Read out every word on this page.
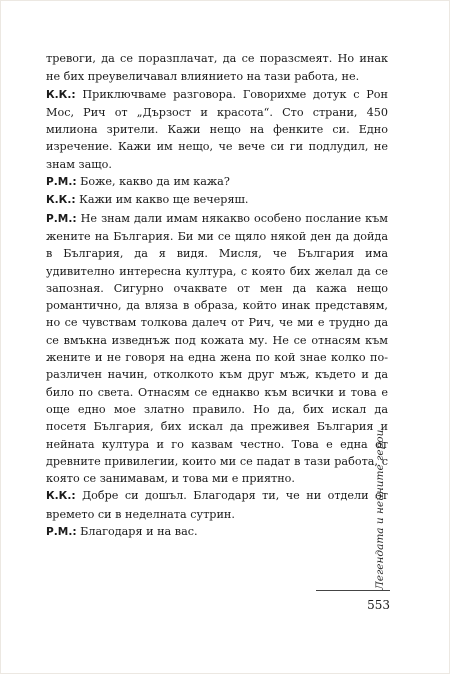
тревоги, да се поразплачат, да се поразсмеят. Но инак не бих преувеличавал влиянието на тази работа, не.

К.К.: Приключваме разговора. Говорихме дотук с Рон Мос, Рич от „Дързост и красота“. Сто страни, 450 милиона зрители. Кажи нещо на фенките си. Едно изречение. Кажи им нещо, че вече си ги подлудил, не знам защо.

Р.М.: Боже, какво да им кажа?

К.К.: Кажи им какво ще вечеряш.

Р.М.: Не знам дали имам някакво особено послание към жените на България. Би ми се щяло някой ден да дойда в България, да я видя. Мисля, че България има удивително интересна култура, с която бих желал да се запозная. Сигурно очаквате от мен да кажа нещо романтично, да вляза в образа, който инак представям, но се чувствам толкова далеч от Рич, че ми е трудно да се вмъкна изведнъж под кожата му. Не се отнасям към жените и не говоря на една жена по кой знае колко по-различен начин, отколкото към друг мъж, където и да било по света. Отнасям се еднакво към всички и това е още едно мое златно правило. Но да, бих искал да посетя България, бих искал да преживея България и нейната култура и го казвам честно. Това е една от древните привилегии, които ми се падат в тази работа, с която се занимавам, и това ми е приятно.

К.К.: Добре си дошъл. Благодаря ти, че ни отдели от времето си в неделната сутрин.

Р.М.: Благодаря и на вас.	Легендата и нейните герои
553
